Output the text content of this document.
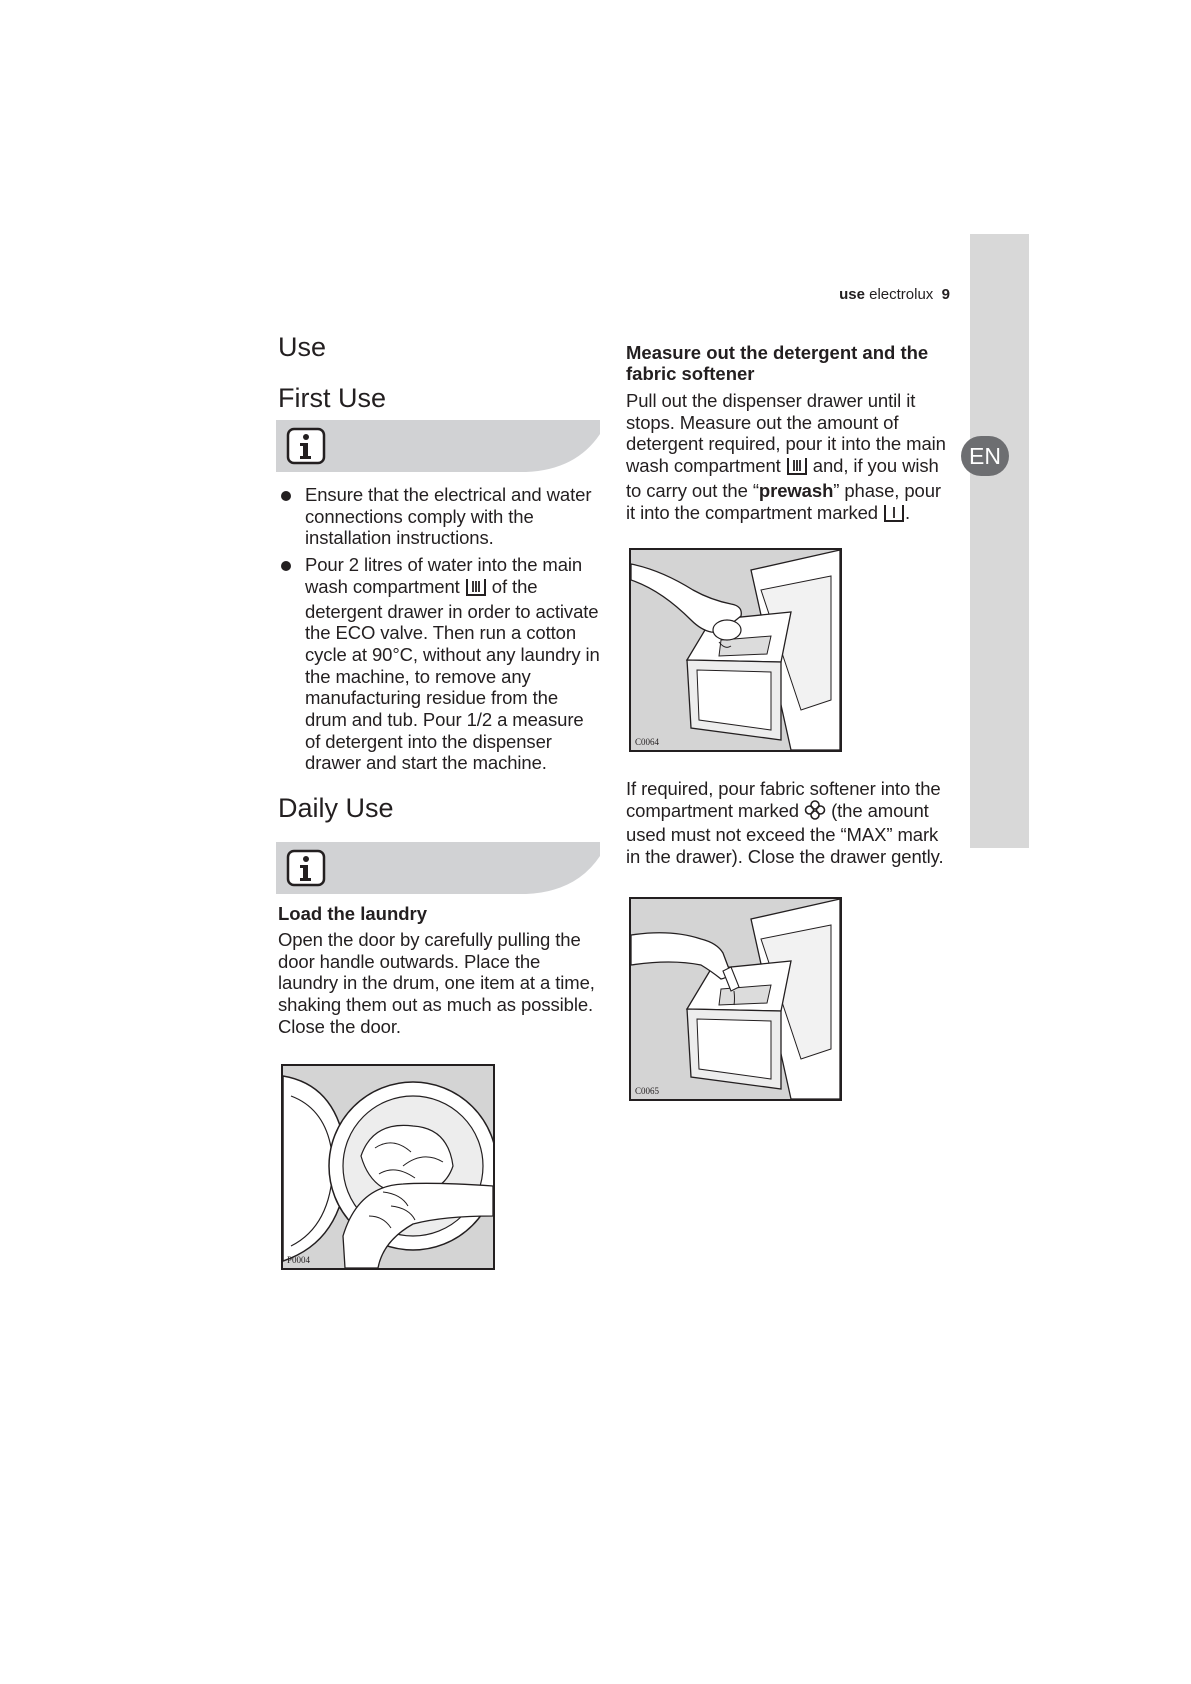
EN
use electrolux 9
Use
First Use
Ensure that the electrical and water connections comply with the installation instructions.
Pour 2 litres of water into the main wash compartment of the detergent drawer in order to activate the ECO valve. Then run a cotton cycle at 90°C, without any laundry in the machine, to remove any manufacturing residue from the drum and tub. Pour 1/2 a measure of detergent into the dispenser drawer and start the machine.
Daily Use
Load the laundry
Open the door by carefully pulling the door handle outwards. Place the laundry in the drum, one item at a time, shaking them out as much as possible. Close the door.
P0004
Measure out the detergent and the fabric softener
Pull out the dispenser drawer until it stops. Measure out the amount of detergent required, pour it into the main wash compartment and, if you wish to carry out the “prewash” phase, pour it into the compartment marked .
C0064
If required, pour fabric softener into the compartment marked (the amount used must not exceed the “MAX” mark in the drawer). Close the drawer gently.
C0065
